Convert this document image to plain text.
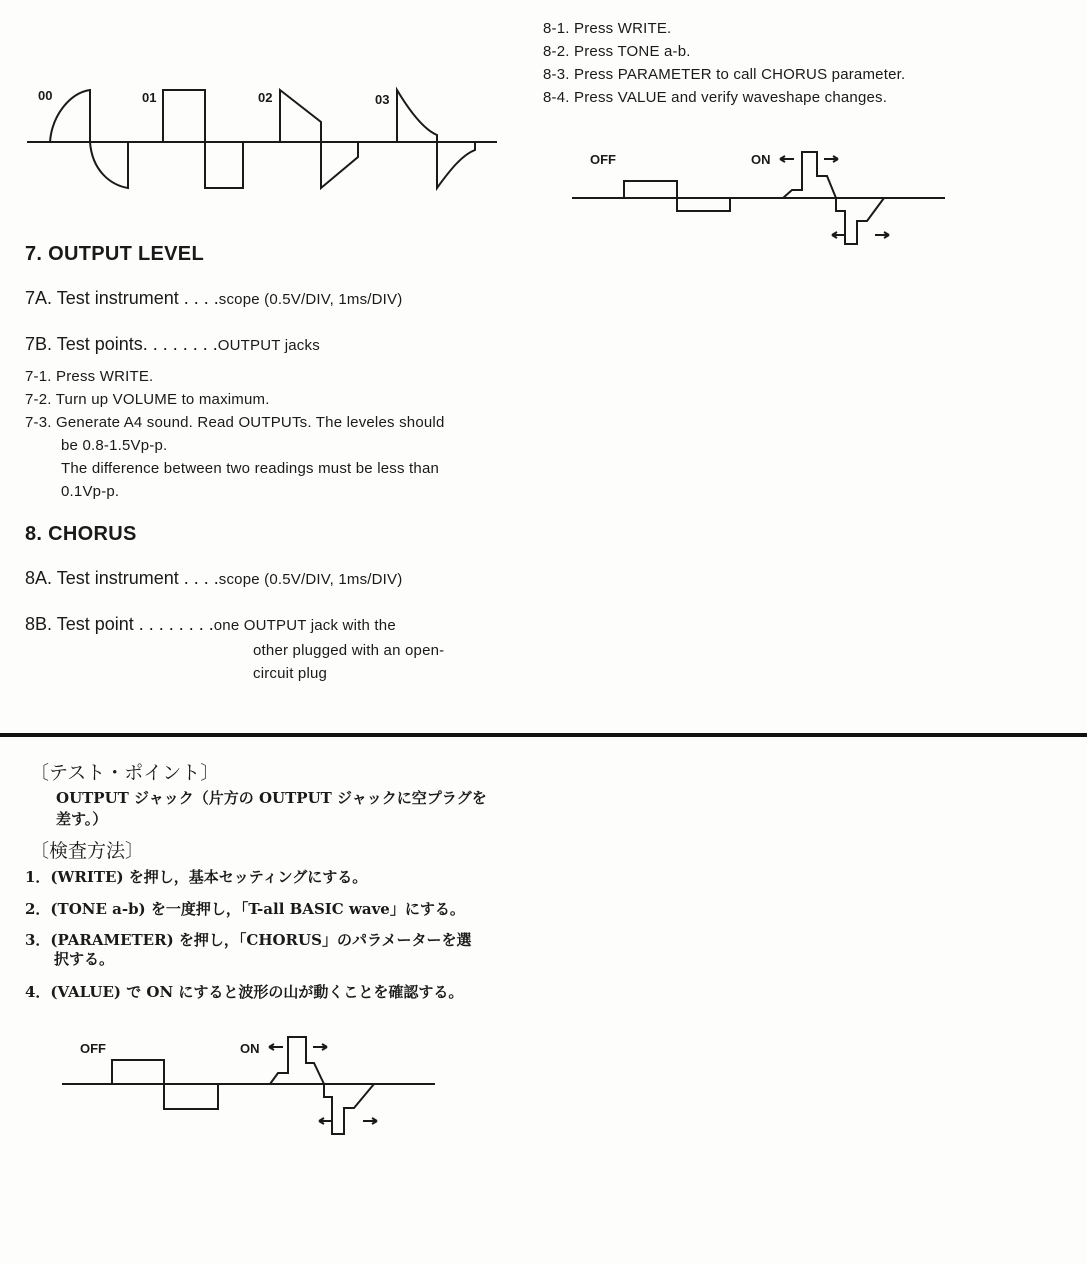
00	01	02	03
8-1. Press WRITE.
8-2. Press TONE a-b.
8-3. Press PARAMETER to call CHORUS parameter.
8-4. Press VALUE and verify waveshape changes.
OFF	ON
7. OUTPUT LEVEL
7A. Test instrument . . . .scope (0.5V/DIV, 1ms/DIV)
7B. Test points. . . . . . . .OUTPUT jacks
7-1. Press WRITE.
7-2. Turn up VOLUME to maximum.
7-3. Generate A4 sound. Read OUTPUTs. The leveles should
be 0.8-1.5Vp-p.
The difference between two readings must be less than
0.1Vp-p.
8. CHORUS
8A. Test instrument . . . .scope (0.5V/DIV, 1ms/DIV)
8B. Test point . . . . . . . .one OUTPUT jack with the
other plugged with an open-
circuit plug
〔テスト・ポイント〕
OUTPUT ジャック（片方の OUTPUT ジャックに空プラグを
差す。）
〔検査方法〕
1．(WRITE) を押し，基本セッティングにする。
2．(TONE a-b) を一度押し，「T-all BASIC wave」にする。
3．(PARAMETER) を押し，「CHORUS」のパラメーターを選
択する。
4．(VALUE) で ON にすると波形の山が動くことを確認する。
OFF	ON
